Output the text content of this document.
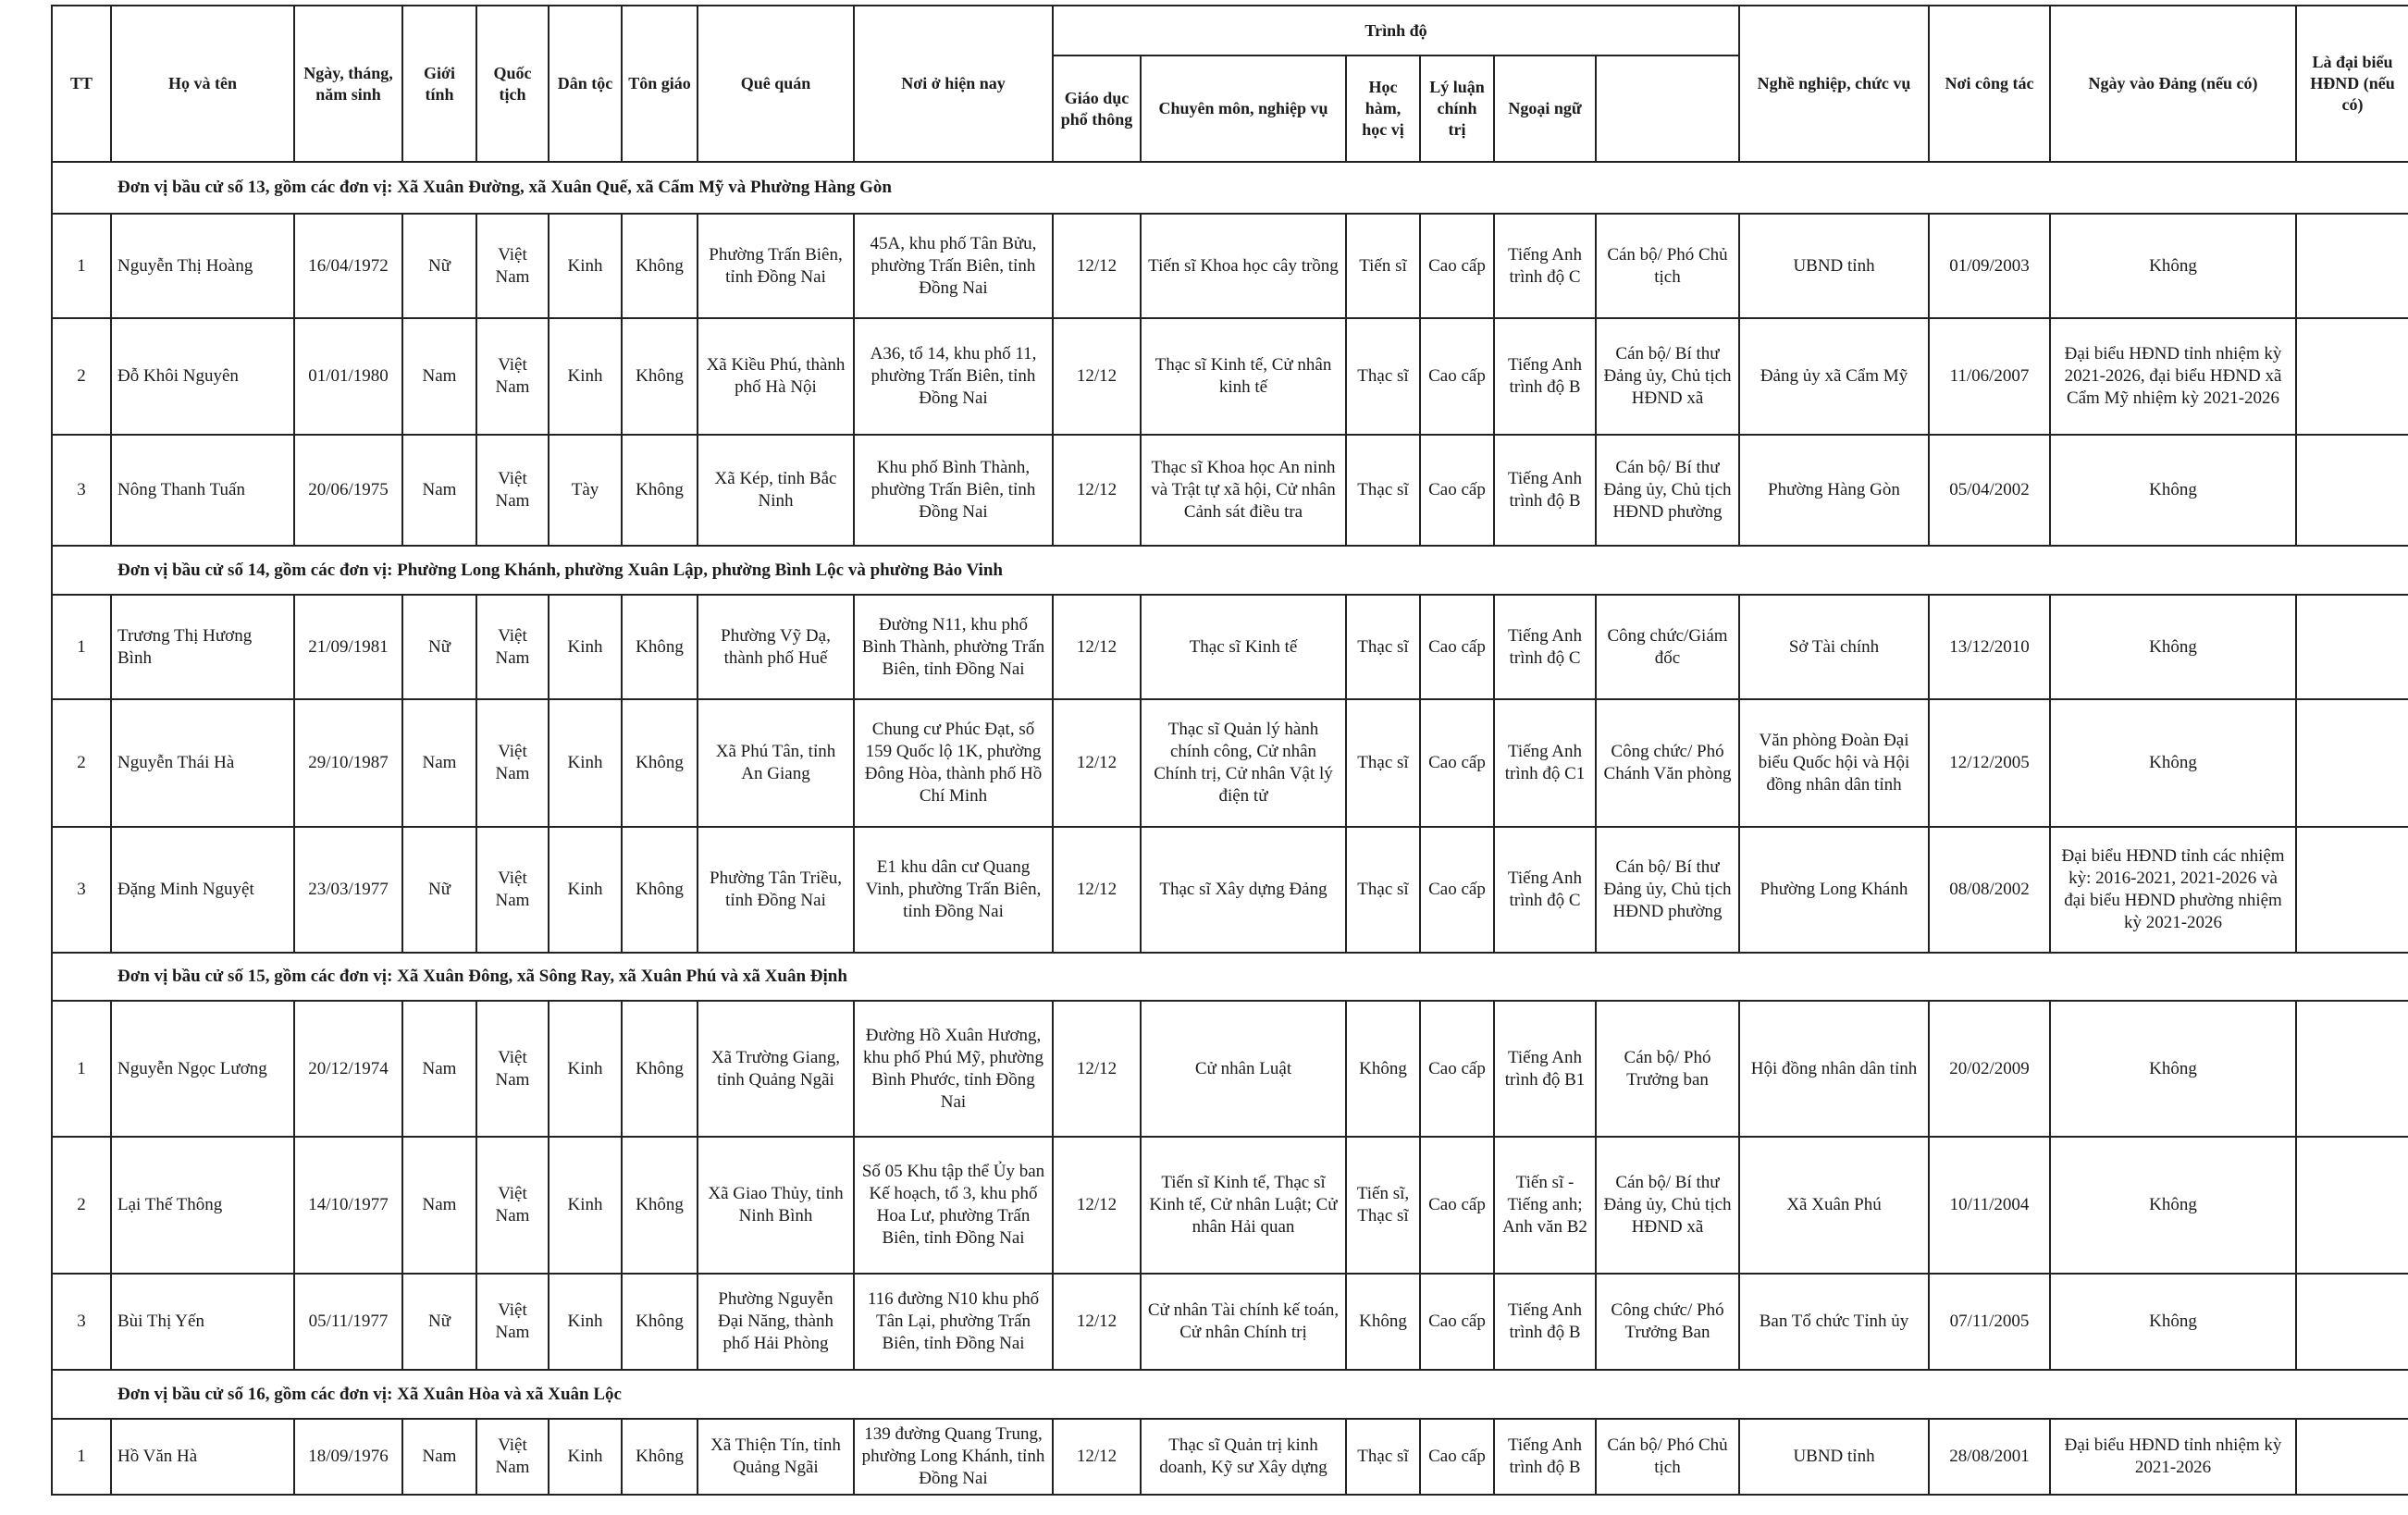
TT	Họ và tên	Ngày, tháng, năm sinh	Giới tính	Quốc tịch	Dân tộc	Tôn giáo	Quê quán	Nơi ở hiện nay	Trình độ						Nghề nghiệp, chức vụ	Nơi công tác	Ngày vào Đảng (nếu có)	Là đại biểu HĐND (nếu có)	
									Giáo dục phổ thông	Chuyên môn, nghiệp vụ	Học hàm, học vị	Lý luận chính trị	Ngoại ngữ						
Đơn vị bầu cử số 13, gồm các đơn vị: Xã Xuân Đường, xã Xuân Quế, xã Cẩm Mỹ và Phường Hàng Gòn																			
1	Nguyễn Thị Hoàng	16/04/1972	Nữ	Việt Nam	Kinh	Không	Phường Trấn Biên, tỉnh Đồng Nai	45A, khu phố Tân Bửu, phường Trấn Biên, tỉnh Đồng Nai	12/12	Tiến sĩ Khoa học cây trồng	Tiến sĩ	Cao cấp	Tiếng Anh trình độ C	Cán bộ/ Phó Chủ tịch	UBND tỉnh	01/09/2003	Không		
2	Đỗ Khôi Nguyên	01/01/1980	Nam	Việt Nam	Kinh	Không	Xã Kiều Phú, thành phố Hà Nội	A36, tổ 14, khu phố 11, phường Trấn Biên, tỉnh Đồng Nai	12/12	Thạc sĩ Kinh tế, Cử nhân kinh tế	Thạc sĩ	Cao cấp	Tiếng Anh trình độ B	Cán bộ/ Bí thư Đảng ủy, Chủ tịch HĐND xã	Đảng ủy xã Cẩm Mỹ	11/06/2007	Đại biểu HĐND tỉnh nhiệm kỳ 2021-2026, đại biểu HĐND xã Cẩm Mỹ nhiệm kỳ 2021-2026		
3	Nông Thanh Tuấn	20/06/1975	Nam	Việt Nam	Tày	Không	Xã Kép, tỉnh Bắc Ninh	Khu phố Bình Thành, phường Trấn Biên, tỉnh Đồng Nai	12/12	Thạc sĩ Khoa học An ninh và Trật tự xã hội, Cử nhân Cảnh sát điều tra	Thạc sĩ	Cao cấp	Tiếng Anh trình độ B	Cán bộ/ Bí thư Đảng ủy, Chủ tịch HĐND phường	Phường Hàng Gòn	05/04/2002	Không		
Đơn vị bầu cử số 14, gồm các đơn vị: Phường Long Khánh, phường Xuân Lập, phường Bình Lộc và phường Bảo Vinh																			
1	Trương Thị Hương Bình	21/09/1981	Nữ	Việt Nam	Kinh	Không	Phường Vỹ Dạ, thành phố Huế	Đường N11, khu phố Bình Thành, phường Trấn Biên, tỉnh Đồng Nai	12/12	Thạc sĩ Kinh tế	Thạc sĩ	Cao cấp	Tiếng Anh trình độ C	Công chức/Giám đốc	Sở Tài chính	13/12/2010	Không		
2	Nguyễn Thái Hà	29/10/1987	Nam	Việt Nam	Kinh	Không	Xã Phú Tân, tỉnh An Giang	Chung cư Phúc Đạt, số 159 Quốc lộ 1K, phường Đông Hòa, thành phố Hồ Chí Minh	12/12	Thạc sĩ Quản lý hành chính công, Cử nhân Chính trị, Cử nhân Vật lý điện tử	Thạc sĩ	Cao cấp	Tiếng Anh trình độ C1	Công chức/ Phó Chánh Văn phòng	Văn phòng Đoàn Đại biểu Quốc hội và Hội đồng nhân dân tỉnh	12/12/2005	Không		
3	Đặng Minh Nguyệt	23/03/1977	Nữ	Việt Nam	Kinh	Không	Phường Tân Triều, tỉnh Đồng Nai	E1 khu dân cư Quang Vinh, phường Trấn Biên, tỉnh Đồng Nai	12/12	Thạc sĩ Xây dựng Đảng	Thạc sĩ	Cao cấp	Tiếng Anh trình độ C	Cán bộ/ Bí thư Đảng ủy, Chủ tịch HĐND phường	Phường Long Khánh	08/08/2002	Đại biểu HĐND tỉnh các nhiệm kỳ: 2016-2021, 2021-2026 và đại biểu HĐND phường nhiệm kỳ 2021-2026		
Đơn vị bầu cử số 15, gồm các đơn vị: Xã Xuân Đông, xã Sông Ray, xã Xuân Phú và xã Xuân Định																			
1	Nguyễn Ngọc Lương	20/12/1974	Nam	Việt Nam	Kinh	Không	Xã Trường Giang, tỉnh Quảng Ngãi	Đường Hồ Xuân Hương, khu phố Phú Mỹ, phường Bình Phước, tỉnh Đồng Nai	12/12	Cử nhân Luật	Không	Cao cấp	Tiếng Anh trình độ B1	Cán bộ/ Phó Trưởng ban	Hội đồng nhân dân tỉnh	20/02/2009	Không		
2	Lại Thế Thông	14/10/1977	Nam	Việt Nam	Kinh	Không	Xã Giao Thủy, tỉnh Ninh Bình	Số 05 Khu tập thể Ủy ban Kế hoạch, tổ 3, khu phố Hoa Lư, phường Trấn Biên, tỉnh Đồng Nai	12/12	Tiến sĩ Kinh tế, Thạc sĩ Kinh tế, Cử nhân Luật; Cử nhân Hải quan	Tiến sĩ, Thạc sĩ	Cao cấp	Tiến sĩ - Tiếng anh; Anh văn B2	Cán bộ/ Bí thư Đảng ủy, Chủ tịch HĐND xã	Xã Xuân Phú	10/11/2004	Không		
3	Bùi Thị Yến	05/11/1977	Nữ	Việt Nam	Kinh	Không	Phường Nguyễn Đại Năng, thành phố Hải Phòng	116 đường N10 khu phố Tân Lại, phường Trấn Biên, tỉnh Đồng Nai	12/12	Cử nhân Tài chính kế toán, Cử nhân Chính trị	Không	Cao cấp	Tiếng Anh trình độ B	Công chức/ Phó Trưởng Ban	Ban Tổ chức Tỉnh ủy	07/11/2005	Không		
Đơn vị bầu cử số 16, gồm các đơn vị: Xã Xuân Hòa và xã Xuân Lộc																			
1	Hồ Văn Hà	18/09/1976	Nam	Việt Nam	Kinh	Không	Xã Thiện Tín, tỉnh Quảng Ngãi	139 đường Quang Trung, phường Long Khánh, tỉnh Đồng Nai	12/12	Thạc sĩ Quản trị kinh doanh, Kỹ sư Xây dựng	Thạc sĩ	Cao cấp	Tiếng Anh trình độ B	Cán bộ/ Phó Chủ tịch	UBND tỉnh	28/08/2001	Đại biểu HĐND tỉnh nhiệm kỳ 2021-2026		
